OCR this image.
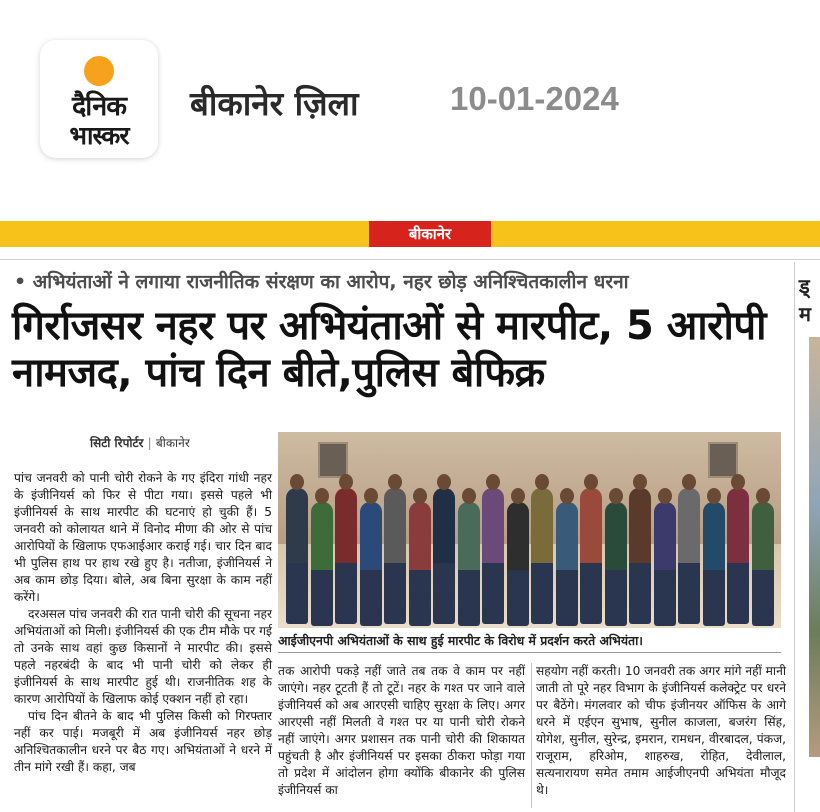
दैनिक
भास्कर
बीकानेर ज़िला	10-01-2024
बीकानेर
• अभियंताओं ने लगाया राजनीतिक संरक्षण का आरोप, नहर छोड़ अनिश्चितकालीन धरना
गिर्राजसर नहर पर अभियंताओं से मारपीट, 5 आरोपी नामजद, पांच दिन बीते,पुलिस बेफिक्र
ड्
म
सिटी रिपोर्टर | बीकानेर
आईजीएनपी अभियंताओं के साथ हुई मारपीट के विरोध में प्रदर्शन करते अभियंता।

पांच जनवरी को पानी चोरी रोकने के गए इंदिरा गांधी नहर के इंजीनियर्स को फिर से पीटा गया। इससे पहले भी इंजीनियर्स के साथ मारपीट की घटनाएं हो चुकी हैं। 5 जनवरी को कोलायत थाने में विनोद मीणा की ओर से पांच आरोपियों के खिलाफ एफआईआर कराई गई। चार दिन बाद भी पुलिस हाथ पर हाथ रखे हुए है। नतीजा, इंजीनियर्स ने अब काम छोड़ दिया। बोले, अब बिना सुरक्षा के काम नहीं करेंगे।

दरअसल पांच जनवरी की रात पानी चोरी की सूचना नहर अभियंताओं को मिली। इंजीनियर्स की एक टीम मौके पर गई तो उनके साथ वहां कुछ किसानों ने मारपीट की। इससे पहले नहरबंदी के बाद भी पानी चोरी को लेकर ही इंजीनियर्स के साथ मारपीट हुई थी। राजनीतिक शह के कारण आरोपियों के खिलाफ कोई एक्शन नहीं हो रहा।

पांच दिन बीतने के बाद भी पुलिस किसी को गिरफ्तार नहीं कर पाई। मजबूरी में अब इंजीनियर्स नहर छोड़ अनिश्चितकालीन धरने पर बैठ गए। अभियंताओं ने धरने में तीन मांगे रखी हैं। कहा, जब

तक आरोपी पकड़े नहीं जाते तब तक वे काम पर नहीं जाएंगे। नहर टूटती हैं तो टूटें। नहर के गश्त पर जाने वाले इंजीनियर्स को अब आरएसी चाहिए सुरक्षा के लिए। अगर आरएसी नहीं मिलती वे गश्त पर या पानी चोरी रोकने नहीं जाएंगे। अगर प्रशासन तक पानी चोरी की शिकायत पहुंचती है और इंजीनियर्स पर इसका ठीकरा फोड़ा गया तो प्रदेश में आंदोलन होगा क्योंकि बीकानेर की पुलिस इंजीनियर्स का

सहयोग नहीं करती। 10 जनवरी तक अगर मांगे नहीं मानी जाती तो पूरे नहर विभाग के इंजीनियर्स कलेक्ट्रेट पर धरने पर बैठेंगे। मंगलवार को चीफ इंजीनयर ऑफिस के आगे धरने में एईएन सुभाष, सुनील काजला, बजरंग सिंह, योगेश, सुनील, सुरेन्द्र, इमरान, रामधन, वीरबादल, पंकज, राजूराम, हरिओम, शाहरुख, रोहित, देवीलाल, सत्यनारायण समेत तमाम आईजीएनपी अभियंता मौजूद थे।
